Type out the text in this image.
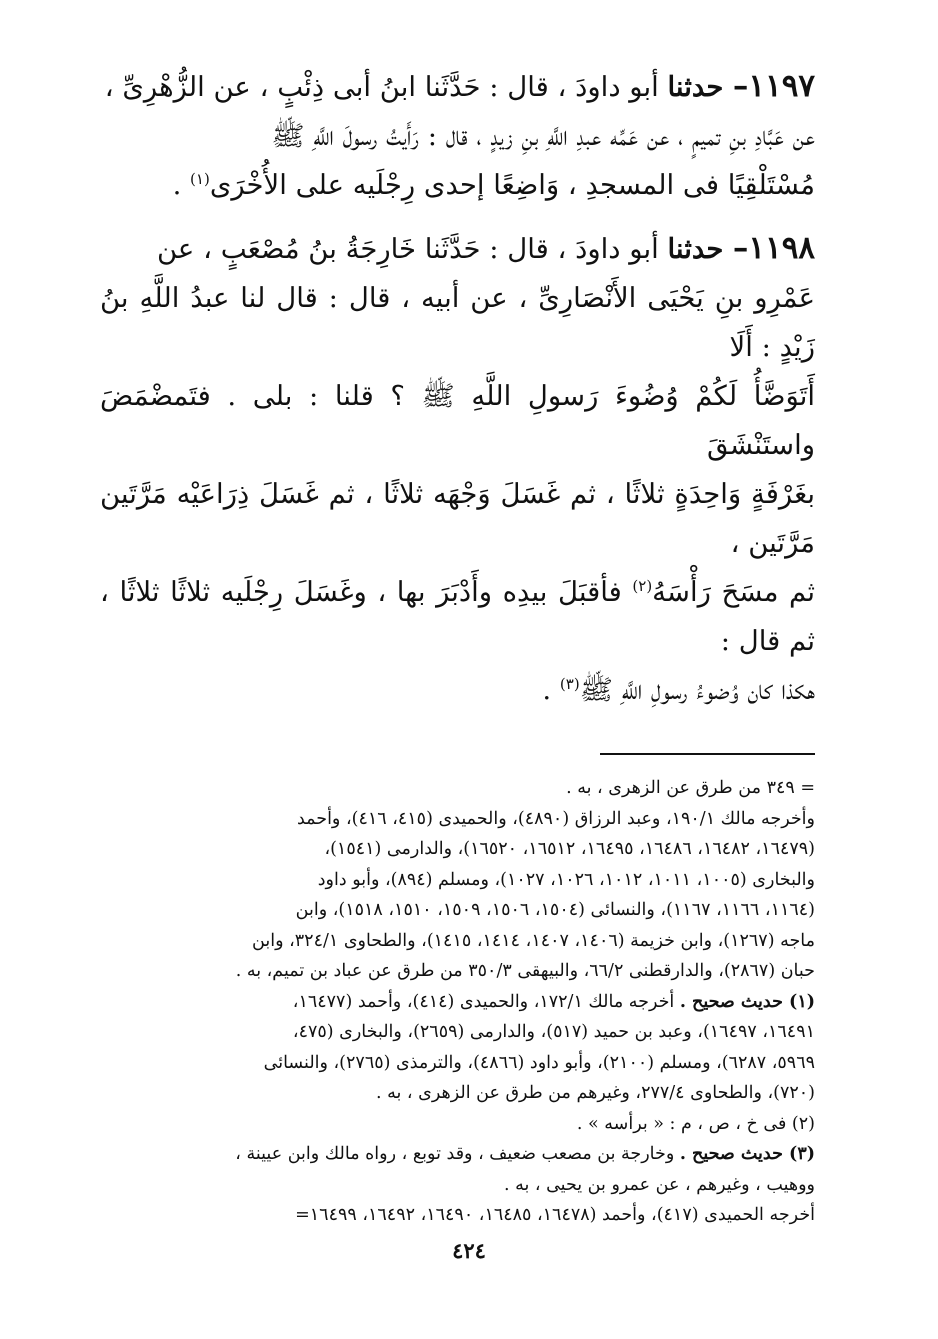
١١٩٧– حدثنا أبو داودَ ، قال : حَدَّثَنا ابنُ أبى ذِئْبٍ ، عن الزُّهْرِىِّ ،

عن عَبَّادِ بنِ تميمٍ ، عن عَمِّه عبدِ اللَّهِ بنِ زيدٍ ، قال : رَأَيتُ رسولَ اللَّهِ ﷺ

مُسْتَلْقِيًا فى المسجدِ ، وَاضِعًا إحدى رِجْلَيه على الأُخْرَى$^{(١)}$ .

١١٩٨– حدثنا أبو داودَ ، قال : حَدَّثَنا خَارِجَةُ بنُ مُصْعَبٍ ، عن

عَمْرِو بنِ يَحْيَى الأَنْصَارِىِّ ، عن أبيه ، قال : قال لنا عبدُ اللَّهِ بنُ زَيْدٍ : أَلَا

أَتَوَضَّأُ لَكُمْ وُضُوءَ رَسولِ اللَّهِ ﷺ ؟ قلنا : بلى . فتَمضْمَضَ واستَنْشَقَ

بغَرْفَةٍ وَاحِدَةٍ ثلاثًا ، ثم غَسَلَ وَجْهَه ثلاثًا ، ثم غَسَلَ ذِرَاعَيْه مَرَّتَين مَرَّتَين ،

ثم مسَحَ رَأْسَهُ$^{(٢)}$ فأقبَلَ بيدِه وأَدْبَرَ بها ، وغَسَلَ رِجْلَيه ثلاثًا ثلاثًا ، ثم قال :

هكذا كان وُضوءُ رسولِ اللَّهِ ﷺ$^{(٣)}$ .

= ٣٤٩ من طرق عن الزهرى ، به .

وأخرجه مالك ١٩٠/١، وعبد الرزاق (٤٨٩٠)، والحميدى (٤١٥، ٤١٦)، وأحمد

(١٦٤٧٩، ١٦٤٨٢، ١٦٤٨٦، ١٦٤٩٥، ١٦٥١٢، ١٦٥٢٠)، والدارمى (١٥٤١)،

والبخارى (١٠٠٥، ١٠١١، ١٠١٢، ١٠٢٦، ١٠٢٧)، ومسلم (٨٩٤)، وأبو داود

(١١٦٤، ١١٦٦، ١١٦٧)، والنسائى (١٥٠٤، ١٥٠٦، ١٥٠٩، ١٥١٠، ١٥١٨)، وابن

ماجه (١٢٦٧)، وابن خزيمة (١٤٠٦، ١٤٠٧، ١٤١٤، ١٤١٥)، والطحاوى ٣٢٤/١، وابن

حبان (٢٨٦٧)، والدارقطنى ٦٦/٢، والبيهقى ٣٥٠/٣ من طرق عن عباد بن تميم، به .

(١) حديث صحيح . أخرجه مالك ١٧٢/١، والحميدى (٤١٤)، وأحمد (١٦٤٧٧،

١٦٤٩١، ١٦٤٩٧)، وعبد بن حميد (٥١٧)، والدارمى (٢٦٥٩)، والبخارى (٤٧٥،

٥٩٦٩، ٦٢٨٧)، ومسلم (٢١٠٠)، وأبو داود (٤٨٦٦)، والترمذى (٢٧٦٥)، والنسائى

(٧٢٠)، والطحاوى ٢٧٧/٤، وغيرهم من طرق عن الزهرى ، به .

(٢) فى خ ، ص ، م : « برأسه » .

(٣) حديث صحيح . وخارجة بن مصعب ضعيف ، وقد توبع ، رواه مالك وابن عيينة ،

ووهيب ، وغيرهم ، عن عمرو بن يحيى ، به .

أخرجه الحميدى (٤١٧)، وأحمد (١٦٤٧٨، ١٦٤٨٥، ١٦٤٩٠، ١٦٤٩٢، ١٦٤٩٩=

٤٢٤
